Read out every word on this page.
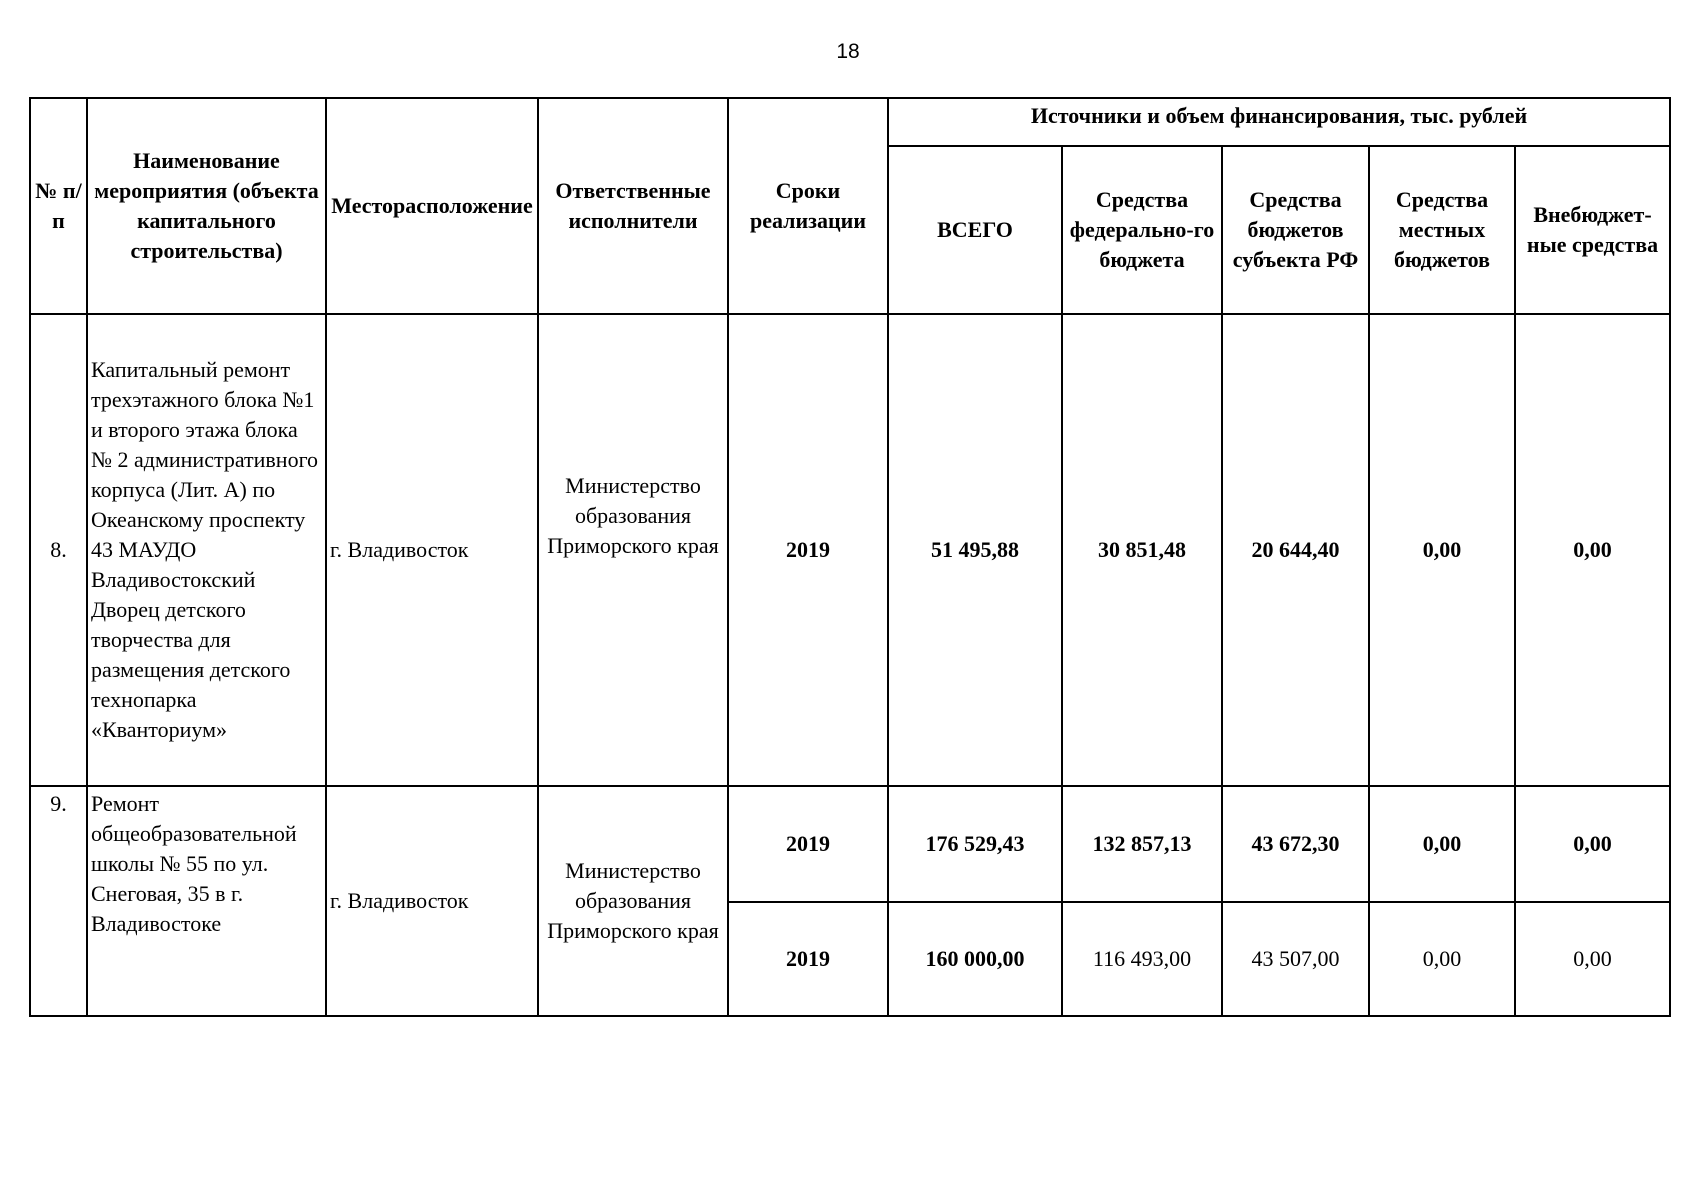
18
№ п/п	Наименование мероприятия (объекта капитального строительства)	Месторасположение	Ответственные исполнители	Сроки реализации	Источники и объем финансирования, тыс. рублей				
					ВСЕГО	Средства федерально-го бюджета	Средства бюджетов субъекта РФ	Средства местных бюджетов	Внебюджет-ные средства
8.	Капитальный ремонт трехэтажного блока №1 и второго этажа блока № 2 административного корпуса (Лит. А) по Океанскому проспекту 43 МАУДО Владивостокский Дворец детского творчества для размещения детского технопарка «Кванториум»	г. Владивосток	Министерство образования Приморского края	2019	51 495,88	30 851,48	20 644,40	0,00	0,00
9.	Ремонт общеобразовательной школы № 55 по ул. Снеговая, 35 в г. Владивостоке	г. Владивосток	Министерство образования Приморского края	2019	176 529,43	132 857,13	43 672,30	0,00	0,00
				2019	160 000,00	116 493,00	43 507,00	0,00	0,00
